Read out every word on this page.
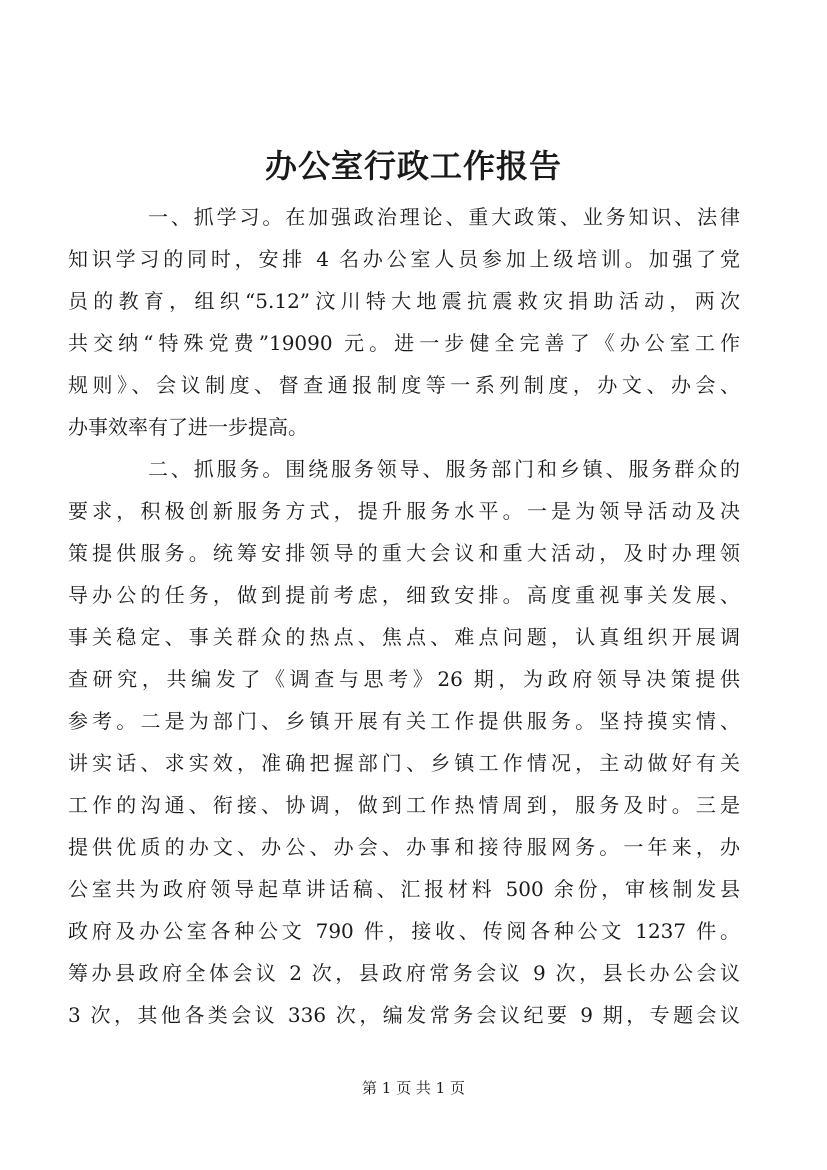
办公室行政工作报告
一、抓学习。在加强政治理论、重大政策、业务知识、法律
知识学习的同时，安排 4 名办公室人员参加上级培训。加强了党
员的教育，组织“5.12”汶川特大地震抗震救灾捐助活动，两次
共交纳“特殊党费”19090 元。进一步健全完善了《办公室工作
规则》、会议制度、督查通报制度等一系列制度，办文、办会、
办事效率有了进一步提高。
二、抓服务。围绕服务领导、服务部门和乡镇、服务群众的
要求，积极创新服务方式，提升服务水平。一是为领导活动及决
策提供服务。统筹安排领导的重大会议和重大活动，及时办理领
导办公的任务，做到提前考虑，细致安排。高度重视事关发展、
事关稳定、事关群众的热点、焦点、难点问题，认真组织开展调
查研究，共编发了《调查与思考》26 期，为政府领导决策提供
参考。二是为部门、乡镇开展有关工作提供服务。坚持摸实情、
讲实话、求实效，准确把握部门、乡镇工作情况，主动做好有关
工作的沟通、衔接、协调，做到工作热情周到，服务及时。三是
提供优质的办文、办公、办会、办事和接待服网务。一年来，办
公室共为政府领导起草讲话稿、汇报材料 500 余份，审核制发县
政府及办公室各种公文 790 件，接收、传阅各种公文 1237 件。
筹办县政府全体会议 2 次，县政府常务会议 9 次，县长办公会议
3 次，其他各类会议 336 次，编发常务会议纪要 9 期，专题会议
第 1 页 共 1 页
